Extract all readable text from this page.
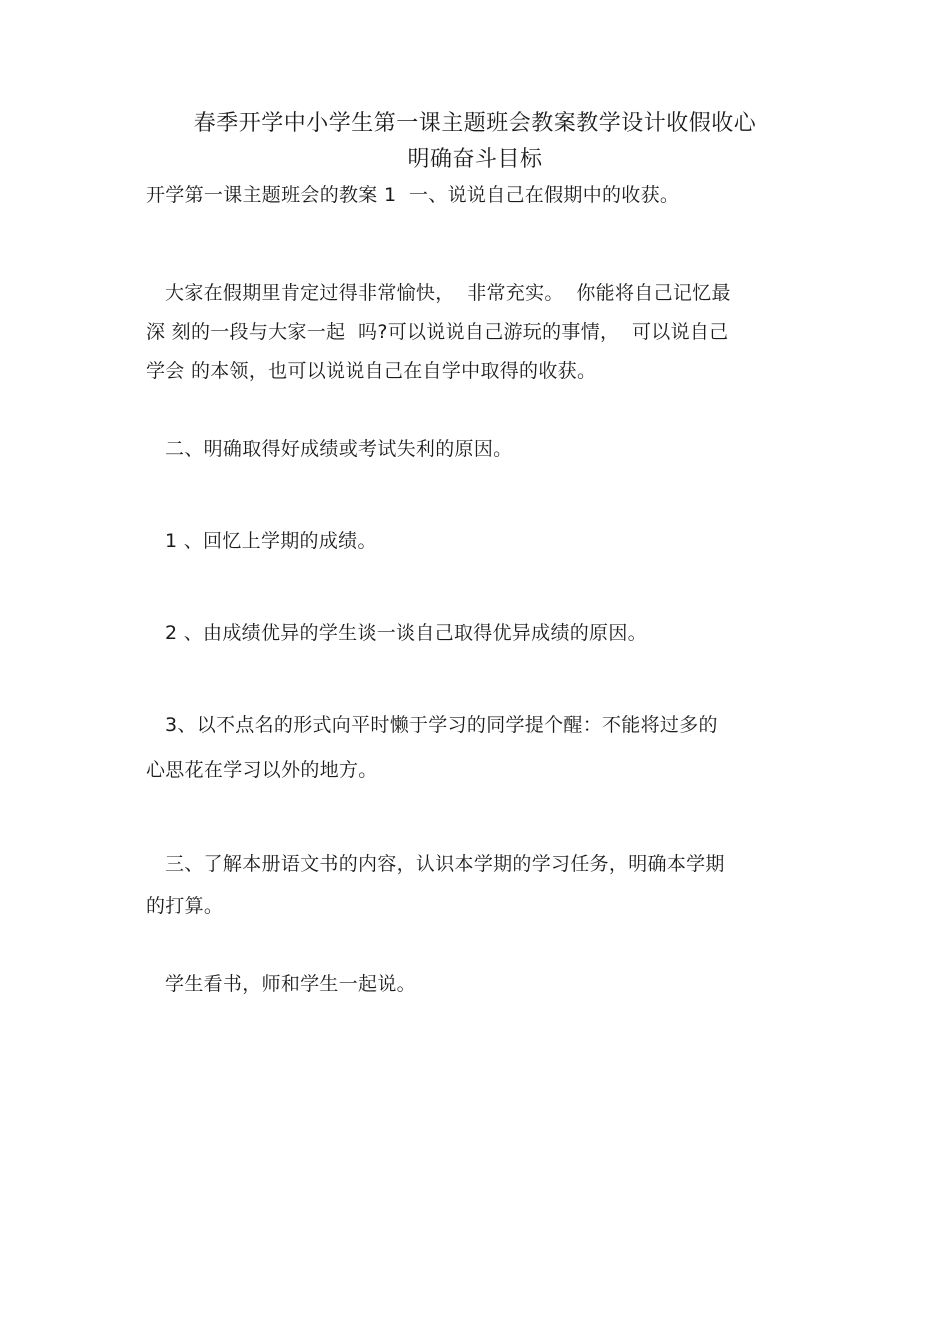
春季开学中小学生第一课主题班会教案教学设计收假收心
明确奋斗目标
开学第一课主题班会的教案 1  一、说说自己在假期中的收获。
大家在假期里肯定过得非常愉快，  非常充实。  你能将自己记忆最
深 刻的一段与大家一起  吗?可以说说自己游玩的事情，  可以说自己
学会 的本领，也可以说说自己在自学中取得的收获。
二、明确取得好成绩或考试失利的原因。
1 、回忆上学期的成绩。
2 、由成绩优异的学生谈一谈自己取得优异成绩的原因。
3、以不点名的形式向平时懒于学习的同学提个醒：不能将过多的
心思花在学习以外的地方。
三、了解本册语文书的内容，认识本学期的学习任务，明确本学期
的打算。
学生看书，师和学生一起说。
